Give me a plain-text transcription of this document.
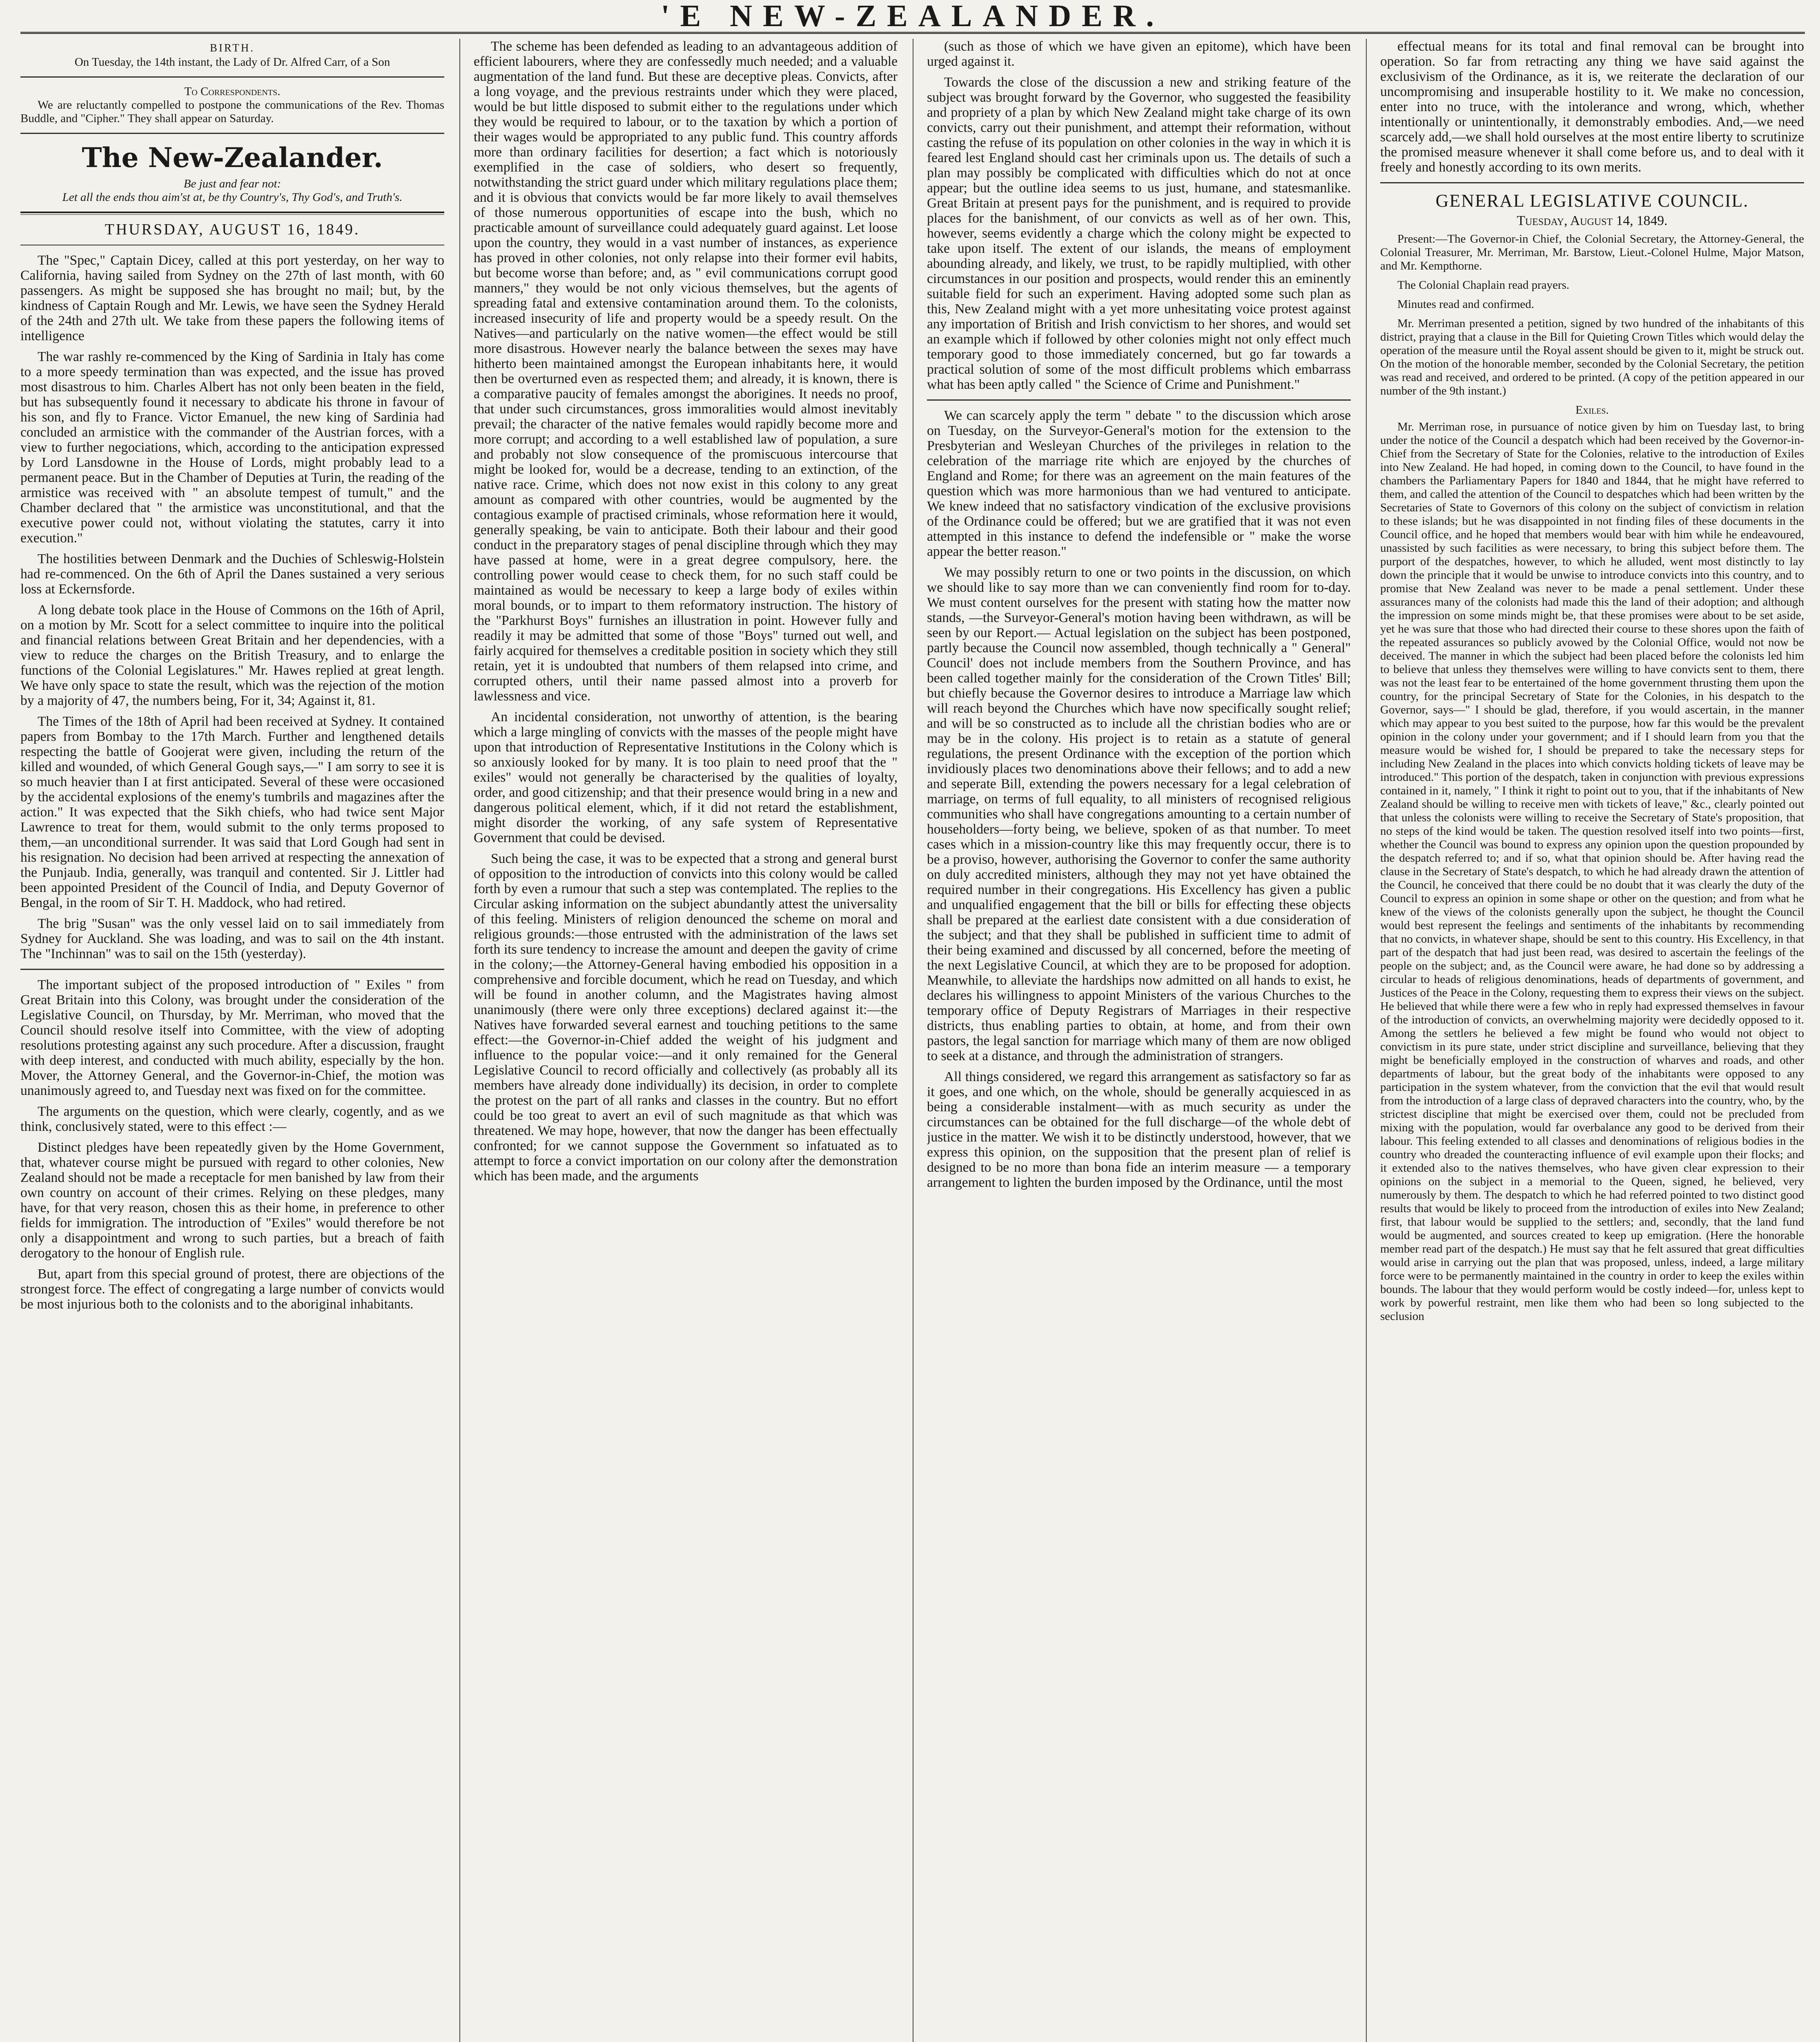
'E NEW-ZEALANDER.
BIRTH.

On Tuesday, the 14th instant, the Lady of Dr. Alfred Carr, of a Son

To Correspondents.

We are reluctantly compelled to postpone the communications of the Rev. Thomas Buddle, and "Cipher." They shall appear on Saturday.

The New-Zealander.
Be just and fear not:
Let all the ends thou aim'st at, be thy Country's, Thy God's, and Truth's.
THURSDAY, AUGUST 16, 1849.

The "Spec," Captain Dicey, called at this port yesterday, on her way to California, having sailed from Sydney on the 27th of last month, with 60 passengers. As might be supposed she has brought no mail; but, by the kindness of Captain Rough and Mr. Lewis, we have seen the Sydney Herald of the 24th and 27th ult. We take from these papers the following items of intelligence

The war rashly re-commenced by the King of Sardinia in Italy has come to a more speedy termination than was expected, and the issue has proved most disastrous to him. Charles Albert has not only been beaten in the field, but has subsequently found it necessary to abdicate his throne in favour of his son, and fly to France. Victor Emanuel, the new king of Sardinia had concluded an armistice with the commander of the Austrian forces, with a view to further negociations, which, according to the anticipation expressed by Lord Lansdowne in the House of Lords, might probably lead to a permanent peace. But in the Chamber of Deputies at Turin, the reading of the armistice was received with " an absolute tempest of tumult," and the Chamber declared that " the armistice was unconstitutional, and that the executive power could not, without violating the statutes, carry it into execution."

The hostilities between Denmark and the Duchies of Schleswig-Holstein had re-commenced. On the 6th of April the Danes sustained a very serious loss at Eckernsforde.

A long debate took place in the House of Commons on the 16th of April, on a motion by Mr. Scott for a select committee to inquire into the political and financial relations between Great Britain and her dependencies, with a view to reduce the charges on the British Treasury, and to enlarge the functions of the Colonial Legislatures." Mr. Hawes replied at great length. We have only space to state the result, which was the rejection of the motion by a majority of 47, the numbers being, For it, 34; Against it, 81.

The Times of the 18th of April had been received at Sydney. It contained papers from Bombay to the 17th March. Further and lengthened details respecting the battle of Goojerat were given, including the return of the killed and wounded, of which General Gough says,—" I am sorry to see it is so much heavier than I at first anticipated. Several of these were occasioned by the accidental explosions of the enemy's tumbrils and magazines after the action." It was expected that the Sikh chiefs, who had twice sent Major Lawrence to treat for them, would submit to the only terms proposed to them,—an unconditional surrender. It was said that Lord Gough had sent in his resignation. No decision had been arrived at respecting the annexation of the Punjaub. India, generally, was tranquil and contented. Sir J. Littler had been appointed President of the Council of India, and Deputy Governor of Bengal, in the room of Sir T. H. Maddock, who had retired.

The brig "Susan" was the only vessel laid on to sail immediately from Sydney for Auckland. She was loading, and was to sail on the 4th instant. The "Inchinnan" was to sail on the 15th (yesterday).

The important subject of the proposed introduction of " Exiles " from Great Britain into this Colony, was brought under the consideration of the Legislative Council, on Thursday, by Mr. Merriman, who moved that the Council should resolve itself into Committee, with the view of adopting resolutions protesting against any such procedure. After a discussion, fraught with deep interest, and conducted with much ability, especially by the hon. Mover, the Attorney General, and the Governor-in-Chief, the motion was unanimously agreed to, and Tuesday next was fixed on for the committee.

The arguments on the question, which were clearly, cogently, and as we think, conclusively stated, were to this effect :—

Distinct pledges have been repeatedly given by the Home Government, that, whatever course might be pursued with regard to other colonies, New Zealand should not be made a receptacle for men banished by law from their own country on account of their crimes. Relying on these pledges, many have, for that very reason, chosen this as their home, in preference to other fields for immigration. The introduction of "Exiles" would therefore be not only a disappointment and wrong to such parties, but a breach of faith derogatory to the honour of English rule.

But, apart from this special ground of protest, there are objections of the strongest force. The effect of congregating a large number of convicts would be most injurious both to the colonists and to the aboriginal inhabitants.

The scheme has been defended as leading to an advantageous addition of efficient labourers, where they are confessedly much needed; and a valuable augmentation of the land fund. But these are deceptive pleas. Convicts, after a long voyage, and the previous restraints under which they were placed, would be but little disposed to submit either to the regulations under which they would be required to labour, or to the taxation by which a portion of their wages would be appropriated to any public fund. This country affords more than ordinary facilities for desertion; a fact which is notoriously exemplified in the case of soldiers, who desert so frequently, notwithstanding the strict guard under which military regulations place them; and it is obvious that convicts would be far more likely to avail themselves of those numerous opportunities of escape into the bush, which no practicable amount of surveillance could adequately guard against. Let loose upon the country, they would in a vast number of instances, as experience has proved in other colonies, not only relapse into their former evil habits, but become worse than before; and, as " evil communications corrupt good manners," they would be not only vicious themselves, but the agents of spreading fatal and extensive contamination around them. To the colonists, increased insecurity of life and property would be a speedy result. On the Natives—and particularly on the native women—the effect would be still more disastrous. However nearly the balance between the sexes may have hitherto been maintained amongst the European inhabitants here, it would then be overturned even as respected them; and already, it is known, there is a comparative paucity of females amongst the aborigines. It needs no proof, that under such circumstances, gross immoralities would almost inevitably prevail; the character of the native females would rapidly become more and more corrupt; and according to a well established law of population, a sure and probably not slow consequence of the promiscuous intercourse that might be looked for, would be a decrease, tending to an extinction, of the native race. Crime, which does not now exist in this colony to any great amount as compared with other countries, would be augmented by the contagious example of practised criminals, whose reformation here it would, generally speaking, be vain to anticipate. Both their labour and their good conduct in the preparatory stages of penal discipline through which they may have passed at home, were in a great degree compulsory, here. the controlling power would cease to check them, for no such staff could be maintained as would be necessary to keep a large body of exiles within moral bounds, or to impart to them reformatory instruction. The history of the "Parkhurst Boys" furnishes an illustration in point. However fully and readily it may be admitted that some of those "Boys" turned out well, and fairly acquired for themselves a creditable position in society which they still retain, yet it is undoubted that numbers of them relapsed into crime, and corrupted others, until their name passed almost into a proverb for lawlessness and vice.

An incidental consideration, not unworthy of attention, is the bearing which a large mingling of convicts with the masses of the people might have upon that introduction of Representative Institutions in the Colony which is so anxiously looked for by many. It is too plain to need proof that the " exiles" would not generally be characterised by the qualities of loyalty, order, and good citizenship; and that their presence would bring in a new and dangerous political element, which, if it did not retard the establishment, might disorder the working, of any safe system of Representative Government that could be devised.

Such being the case, it was to be expected that a strong and general burst of opposition to the introduction of convicts into this colony would be called forth by even a rumour that such a step was contemplated. The replies to the Circular asking information on the subject abundantly attest the universality of this feeling. Ministers of religion denounced the scheme on moral and religious grounds:—those entrusted with the administration of the laws set forth its sure tendency to increase the amount and deepen the gavity of crime in the colony;—the Attorney-General having embodied his opposition in a comprehensive and forcible document, which he read on Tuesday, and which will be found in another column, and the Magistrates having almost unanimously (there were only three exceptions) declared against it:—the Natives have forwarded several earnest and touching petitions to the same effect:—the Governor-in-Chief added the weight of his judgment and influence to the popular voice:—and it only remained for the General Legislative Council to record officially and collectively (as probably all its members have already done individually) its decision, in order to complete the protest on the part of all ranks and classes in the country. But no effort could be too great to avert an evil of such magnitude as that which was threatened. We may hope, however, that now the danger has been effectually confronted; for we cannot suppose the Government so infatuated as to attempt to force a convict importation on our colony after the demonstration which has been made, and the arguments

(such as those of which we have given an epitome), which have been urged against it.

Towards the close of the discussion a new and striking feature of the subject was brought forward by the Governor, who suggested the feasibility and propriety of a plan by which New Zealand might take charge of its own convicts, carry out their punishment, and attempt their reformation, without casting the refuse of its population on other colonies in the way in which it is feared lest England should cast her criminals upon us. The details of such a plan may possibly be complicated with difficulties which do not at once appear; but the outline idea seems to us just, humane, and statesmanlike. Great Britain at present pays for the punishment, and is required to provide places for the banishment, of our convicts as well as of her own. This, however, seems evidently a charge which the colony might be expected to take upon itself. The extent of our islands, the means of employment abounding already, and likely, we trust, to be rapidly multiplied, with other circumstances in our position and prospects, would render this an eminently suitable field for such an experiment. Having adopted some such plan as this, New Zealand might with a yet more unhesitating voice protest against any importation of British and Irish convictism to her shores, and would set an example which if followed by other colonies might not only effect much temporary good to those immediately concerned, but go far towards a practical solution of some of the most difficult problems which embarrass what has been aptly called " the Science of Crime and Punishment."

We can scarcely apply the term " debate " to the discussion which arose on Tuesday, on the Surveyor-General's motion for the extension to the Presbyterian and Wesleyan Churches of the privileges in relation to the celebration of the marriage rite which are enjoyed by the churches of England and Rome; for there was an agreement on the main features of the question which was more harmonious than we had ventured to anticipate. We knew indeed that no satisfactory vindication of the exclusive provisions of the Ordinance could be offered; but we are gratified that it was not even attempted in this instance to defend the indefensible or " make the worse appear the better reason."

We may possibly return to one or two points in the discussion, on which we should like to say more than we can conveniently find room for to-day. We must content ourselves for the present with stating how the matter now stands, —the Surveyor-General's motion having been withdrawn, as will be seen by our Report.— Actual legislation on the subject has been postponed, partly because the Council now assembled, though technically a " General" Council' does not include members from the Southern Province, and has been called together mainly for the consideration of the Crown Titles' Bill; but chiefly because the Governor desires to introduce a Marriage law which will reach beyond the Churches which have now specifically sought relief; and will be so constructed as to include all the christian bodies who are or may be in the colony. His project is to retain as a statute of general regulations, the present Ordinance with the exception of the portion which invidiously places two denominations above their fellows; and to add a new and seperate Bill, extending the powers necessary for a legal celebration of marriage, on terms of full equality, to all ministers of recognised religious communities who shall have congregations amounting to a certain number of householders—forty being, we believe, spoken of as that number. To meet cases which in a mission-country like this may frequently occur, there is to be a proviso, however, authorising the Governor to confer the same authority on duly accredited ministers, although they may not yet have obtained the required number in their congregations. His Excellency has given a public and unqualified engagement that the bill or bills for effecting these objects shall be prepared at the earliest date consistent with a due consideration of the subject; and that they shall be published in sufficient time to admit of their being examined and discussed by all concerned, before the meeting of the next Legislative Council, at which they are to be proposed for adoption. Meanwhile, to alleviate the hardships now admitted on all hands to exist, he declares his willingness to appoint Ministers of the various Churches to the temporary office of Deputy Registrars of Marriages in their respective districts, thus enabling parties to obtain, at home, and from their own pastors, the legal sanction for marriage which many of them are now obliged to seek at a distance, and through the administration of strangers.

All things considered, we regard this arrangement as satisfactory so far as it goes, and one which, on the whole, should be generally acquiesced in as being a considerable instalment—with as much security as under the circumstances can be obtained for the full discharge—of the whole debt of justice in the matter. We wish it to be distinctly understood, however, that we express this opinion, on the supposition that the present plan of relief is designed to be no more than bona fide an interim measure — a temporary arrangement to lighten the burden imposed by the Ordinance, until the most

effectual means for its total and final removal can be brought into operation. So far from retracting any thing we have said against the exclusivism of the Ordinance, as it is, we reiterate the declaration of our uncompromising and insuperable hostility to it. We make no concession, enter into no truce, with the intolerance and wrong, which, whether intentionally or unintentionally, it demonstrably embodies. And,—we need scarcely add,—we shall hold ourselves at the most entire liberty to scrutinize the promised measure whenever it shall come before us, and to deal with it freely and honestly according to its own merits.

GENERAL LEGISLATIVE COUNCIL.
Tuesday, August 14, 1849.

Present:—The Governor-in Chief, the Colonial Secretary, the Attorney-General, the Colonial Treasurer, Mr. Merriman, Mr. Barstow, Lieut.-Colonel Hulme, Major Matson, and Mr. Kempthorne.

The Colonial Chaplain read prayers.

Minutes read and confirmed.

Mr. Merriman presented a petition, signed by two hundred of the inhabitants of this district, praying that a clause in the Bill for Quieting Crown Titles which would delay the operation of the measure until the Royal assent should be given to it, might be struck out. On the motion of the honorable member, seconded by the Colonial Secretary, the petition was read and received, and ordered to be printed. (A copy of the petition appeared in our number of the 9th instant.)

Exiles.

Mr. Merriman rose, in pursuance of notice given by him on Tuesday last, to bring under the notice of the Council a despatch which had been received by the Governor-in-Chief from the Secretary of State for the Colonies, relative to the introduction of Exiles into New Zealand. He had hoped, in coming down to the Council, to have found in the chambers the Parliamentary Papers for 1840 and 1844, that he might have referred to them, and called the attention of the Council to despatches which had been written by the Secretaries of State to Governors of this colony on the subject of convictism in relation to these islands; but he was disappointed in not finding files of these documents in the Council office, and he hoped that members would bear with him while he endeavoured, unassisted by such facilities as were necessary, to bring this subject before them. The purport of the despatches, however, to which he alluded, went most distinctly to lay down the principle that it would be unwise to introduce convicts into this country, and to promise that New Zealand was never to be made a penal settlement. Under these assurances many of the colonists had made this the land of their adoption; and although the impression on some minds might be, that these promises were about to be set aside, yet he was sure that those who had directed their course to these shores upon the faith of the repeated assurances so publicly avowed by the Colonial Office, would not now be deceived. The manner in which the subject had been placed before the colonists led him to believe that unless they themselves were willing to have convicts sent to them, there was not the least fear to be entertained of the home government thrusting them upon the country, for the principal Secretary of State for the Colonies, in his despatch to the Governor, says—" I should be glad, therefore, if you would ascertain, in the manner which may appear to you best suited to the purpose, how far this would be the prevalent opinion in the colony under your government; and if I should learn from you that the measure would be wished for, I should be prepared to take the necessary steps for including New Zealand in the places into which convicts holding tickets of leave may be introduced." This portion of the despatch, taken in conjunction with previous expressions contained in it, namely, " I think it right to point out to you, that if the inhabitants of New Zealand should be willing to receive men with tickets of leave," &c., clearly pointed out that unless the colonists were willing to receive the Secretary of State's proposition, that no steps of the kind would be taken. The question resolved itself into two points—first, whether the Council was bound to express any opinion upon the question propounded by the despatch referred to; and if so, what that opinion should be. After having read the clause in the Secretary of State's despatch, to which he had already drawn the attention of the Council, he conceived that there could be no doubt that it was clearly the duty of the Council to express an opinion in some shape or other on the question; and from what he knew of the views of the colonists generally upon the subject, he thought the Council would best represent the feelings and sentiments of the inhabitants by recommending that no convicts, in whatever shape, should be sent to this country. His Excellency, in that part of the despatch that had just been read, was desired to ascertain the feelings of the people on the subject; and, as the Council were aware, he had done so by addressing a circular to heads of religious denominations, heads of departments of government, and Justices of the Peace in the Colony, requesting them to express their views on the subject. He believed that while there were a few who in reply had expressed themselves in favour of the introduction of convicts, an overwhelming majority were decidedly opposed to it. Among the settlers he believed a few might be found who would not object to convictism in its pure state, under strict discipline and surveillance, believing that they might be beneficially employed in the construction of wharves and roads, and other departments of labour, but the great body of the inhabitants were opposed to any participation in the system whatever, from the conviction that the evil that would result from the introduction of a large class of depraved characters into the country, who, by the strictest discipline that might be exercised over them, could not be precluded from mixing with the population, would far overbalance any good to be derived from their labour. This feeling extended to all classes and denominations of religious bodies in the country who dreaded the counteracting influence of evil example upon their flocks; and it extended also to the natives themselves, who have given clear expression to their opinions on the subject in a memorial to the Queen, signed, he believed, very numerously by them. The despatch to which he had referred pointed to two distinct good results that would be likely to proceed from the introduction of exiles into New Zealand; first, that labour would be supplied to the settlers; and, secondly, that the land fund would be augmented, and sources created to keep up emigration. (Here the honorable member read part of the despatch.) He must say that he felt assured that great difficulties would arise in carrying out the plan that was proposed, unless, indeed, a large military force were to be permanently maintained in the country in order to keep the exiles within bounds. The labour that they would perform would be costly indeed—for, unless kept to work by powerful restraint, men like them who had been so long subjected to the seclusion
